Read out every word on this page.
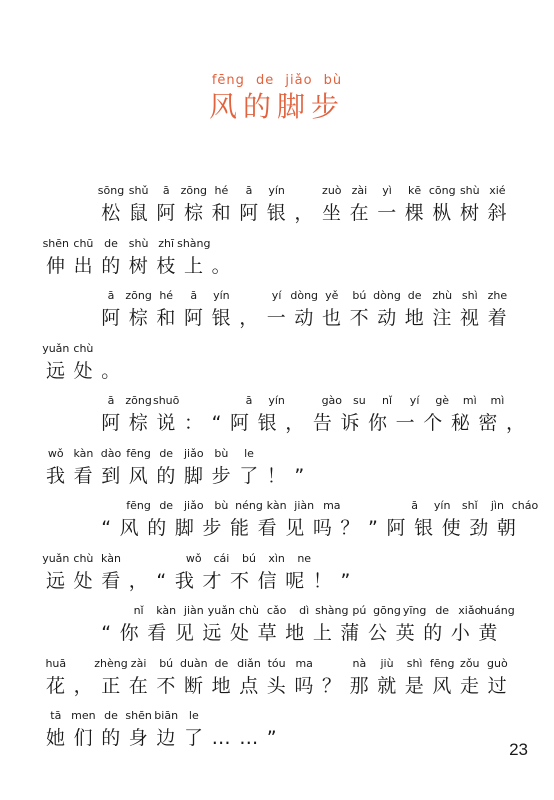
fēng de jiǎo bù
风的脚步
sōng shǔ ā zōng hé ā yín	zuò zài yì kē cōng shù xié
松鼠阿棕和阿银，坐在一棵枞树斜
shēn chū de shù zhī shàng
伸出的树枝上。
ā zōng hé ā yín	yí dòng yě bú dòng de zhù shì zhe
阿棕和阿银，一动也不动地注视着
yuǎn chù
远处。
ā zōng shuō	ā yín	gào su nǐ yí gè mì mì
阿棕说：“阿银，告诉你一个秘密，
wǒ kàn dào fēng de jiǎo bù le
我看到风的脚步了！”
fēng de jiǎo bù néng kàn jiàn ma	ā yín shǐ jìn cháo
“风的脚步能看见吗？”阿银使劲朝
yuǎn chù kàn	wǒ cái bú xìn ne
远处看，“我才不信呢！”
nǐ kàn jiàn yuǎn chù cǎo dì shàng pú gōng yīng de xiǎo
huáng
“你看见远处草地上蒲公英的小黄
huā	zhèng zài bú duàn de diǎn tóu ma	nà jiù shì fēng zǒu guò
花，正在不断地点头吗？那就是风走过
tā men de shēn biān le
她们的身边了……”
23
